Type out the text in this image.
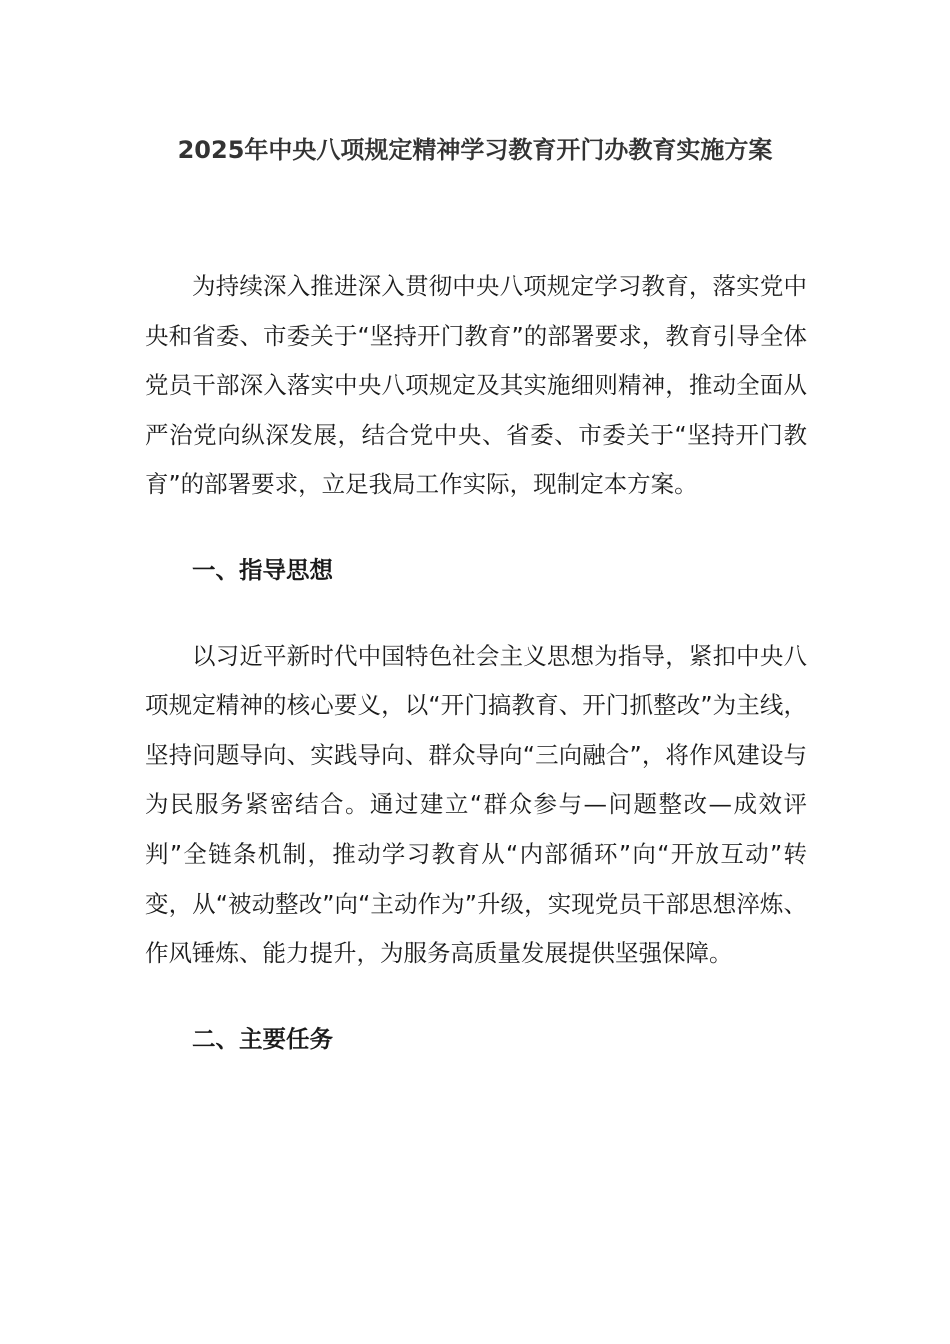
2025年中央八项规定精神学习教育开门办教育实施方案

为持续深入推进深入贯彻中央八项规定学习教育，落实党中央和省委、市委关于“坚持开门教育”的部署要求，教育引导全体党员干部深入落实中央八项规定及其实施细则精神，推动全面从严治党向纵深发展，结合党中央、省委、市委关于“坚持开门教育”的部署要求，立足我局工作实际，现制定本方案。

一、指导思想

以习近平新时代中国特色社会主义思想为指导，紧扣中央八项规定精神的核心要义，以“开门搞教育、开门抓整改”为主线，坚持问题导向、实践导向、群众导向“三向融合”，将作风建设与为民服务紧密结合。通过建立“群众参与—问题整改—成效评判”全链条机制，推动学习教育从“内部循环”向“开放互动”转变，从“被动整改”向“主动作为”升级，实现党员干部思想淬炼、作风锤炼、能力提升，为服务高质量发展提供坚强保障。

二、主要任务
